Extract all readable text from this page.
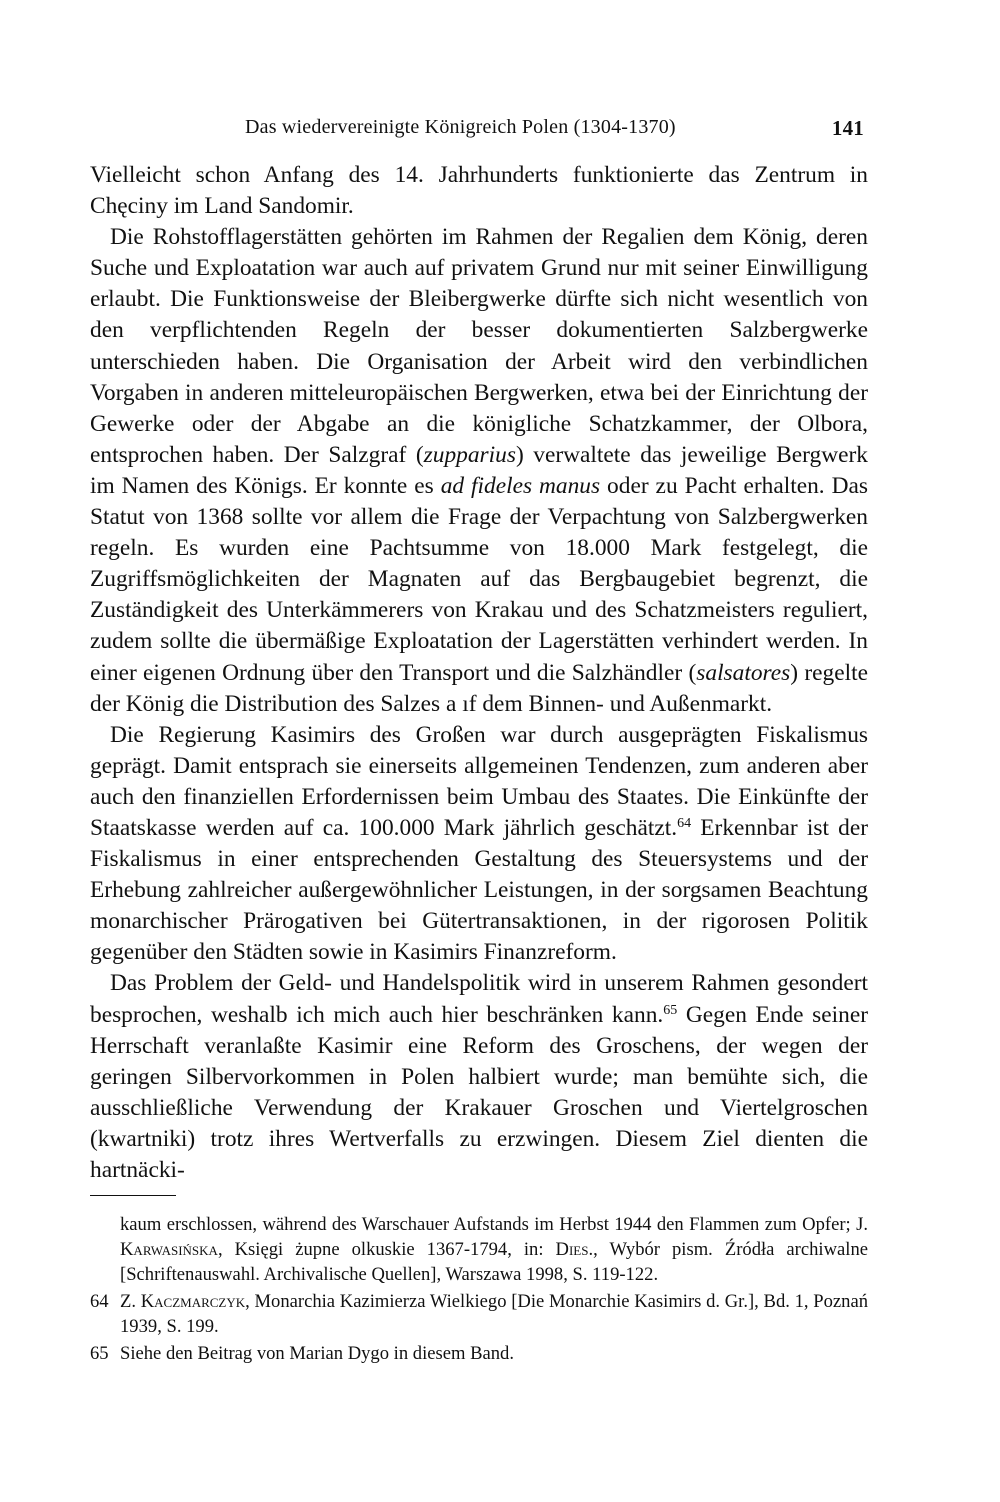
Das wiedervereinigte Königreich Polen (1304-1370)	141

Vielleicht schon Anfang des 14. Jahrhunderts funktionierte das Zentrum in Chęciny im Land Sandomir.

Die Rohstofflagerstätten gehörten im Rahmen der Regalien dem König, deren Suche und Exploatation war auch auf privatem Grund nur mit seiner Einwilligung erlaubt. Die Funktionsweise der Bleibergwerke dürfte sich nicht wesentlich von den verpflichtenden Regeln der besser dokumentierten Salzbergwerke unterschieden haben. Die Organisation der Arbeit wird den verbindlichen Vorgaben in anderen mitteleuropäischen Bergwerken, etwa bei der Einrichtung der Gewerke oder der Abgabe an die königliche Schatzkammer, der Olbora, entsprochen haben. Der Salzgraf (zupparius) verwaltete das jeweilige Bergwerk im Namen des Königs. Er konnte es ad fideles manus oder zu Pacht erhalten. Das Statut von 1368 sollte vor allem die Frage der Verpachtung von Salzbergwerken regeln. Es wurden eine Pachtsumme von 18.000 Mark festgelegt, die Zugriffsmöglichkeiten der Magnaten auf das Bergbaugebiet begrenzt, die Zuständigkeit des Unterkämmerers von Krakau und des Schatzmeisters reguliert, zudem sollte die übermäßige Exploatation der Lagerstätten verhindert werden. In einer eigenen Ordnung über den Transport und die Salzhändler (salsatores) regelte der König die Distribution des Salzes a ıf dem Binnen- und Außenmarkt.

Die Regierung Kasimirs des Großen war durch ausgeprägten Fiskalismus geprägt. Damit entsprach sie einerseits allgemeinen Tendenzen, zum anderen aber auch den finanziellen Erfordernissen beim Umbau des Staates. Die Einkünfte der Staatskasse werden auf ca. 100.000 Mark jährlich geschätzt.$^{64}$ Erkennbar ist der Fiskalismus in einer entsprechenden Gestaltung des Steuersystems und der Erhebung zahlreicher außergewöhnlicher Leistungen, in der sorgsamen Beachtung monarchischer Prärogativen bei Gütertransaktionen, in der rigorosen Politik gegenüber den Städten sowie in Kasimirs Finanzreform.

Das Problem der Geld- und Handelspolitik wird in unserem Rahmen gesondert besprochen, weshalb ich mich auch hier beschränken kann.$^{65}$ Gegen Ende seiner Herrschaft veranlaßte Kasimir eine Reform des Groschens, der wegen der geringen Silbervorkommen in Polen halbiert wurde; man bemühte sich, die ausschließliche Verwendung der Krakauer Groschen und Viertelgroschen (kwartniki) trotz ihres Wertverfalls zu erzwingen. Diesem Ziel dienten die hartnäcki-

kaum erschlossen, während des Warschauer Aufstands im Herbst 1944 den Flammen zum Opfer; J. Karwasińska, Księgi żupne olkuskie 1367-1794, in: Dies., Wybór pism. Źródła archiwalne [Schriftenauswahl. Archivalische Quellen], Warszawa 1998, S. 119-122.

64 Z. Kaczmarczyk, Monarchia Kazimierza Wielkiego [Die Monarchie Kasimirs d. Gr.], Bd. 1, Poznań 1939, S. 199.
65 Siehe den Beitrag von Marian Dygo in diesem Band.
